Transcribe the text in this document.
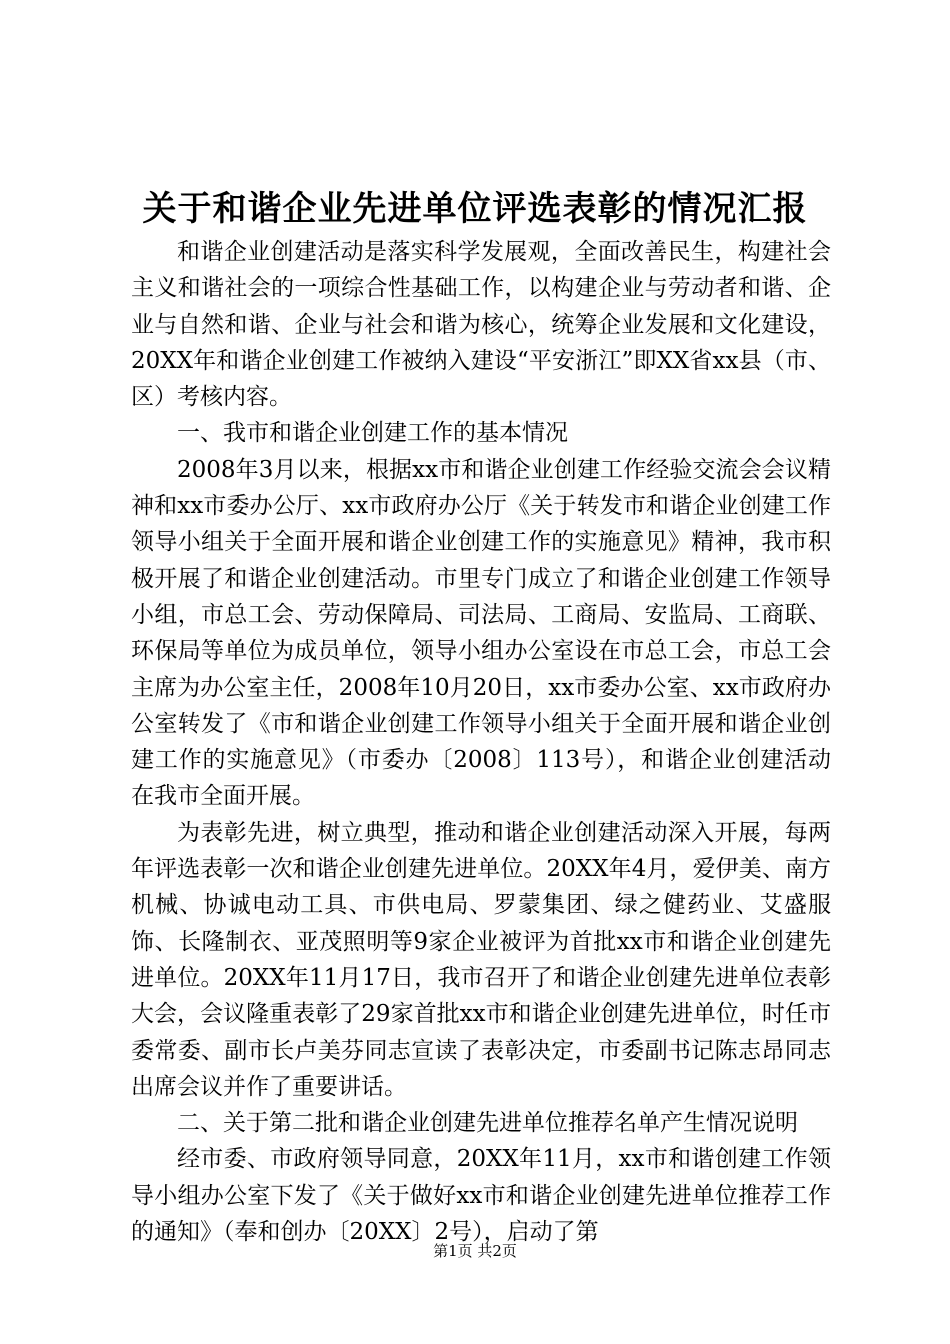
关于和谐企业先进单位评选表彰的情况汇报

和谐企业创建活动是落实科学发展观，全面改善民生，构建社会主义和谐社会的一项综合性基础工作，以构建企业与劳动者和谐、企业与自然和谐、企业与社会和谐为核心，统筹企业发展和文化建设，20XX年和谐企业创建工作被纳入建设“平安浙江”即XX省xx县（市、区）考核内容。

一、我市和谐企业创建工作的基本情况

2008年3月以来，根据xx市和谐企业创建工作经验交流会会议精神和xx市委办公厅、xx市政府办公厅《关于转发市和谐企业创建工作领导小组关于全面开展和谐企业创建工作的实施意见》精神，我市积极开展了和谐企业创建活动。市里专门成立了和谐企业创建工作领导小组，市总工会、劳动保障局、司法局、工商局、安监局、工商联、环保局等单位为成员单位，领导小组办公室设在市总工会，市总工会主席为办公室主任，2008年10月20日，xx市委办公室、xx市政府办公室转发了《市和谐企业创建工作领导小组关于全面开展和谐企业创建工作的实施意见》（市委办〔2008〕113号），和谐企业创建活动在我市全面开展。

为表彰先进，树立典型，推动和谐企业创建活动深入开展，每两年评选表彰一次和谐企业创建先进单位。20XX年4月，爱伊美、南方机械、协诚电动工具、市供电局、罗蒙集团、绿之健药业、艾盛服饰、长隆制衣、亚茂照明等9家企业被评为首批xx市和谐企业创建先进单位。20XX年11月17日，我市召开了和谐企业创建先进单位表彰大会，会议隆重表彰了29家首批xx市和谐企业创建先进单位，时任市委常委、副市长卢美芬同志宣读了表彰决定，市委副书记陈志昂同志出席会议并作了重要讲话。

二、关于第二批和谐企业创建先进单位推荐名单产生情况说明

经市委、市政府领导同意，20XX年11月，xx市和谐创建工作领导小组办公室下发了《关于做好xx市和谐企业创建先进单位推荐工作的通知》（奉和创办〔20XX〕2号），启动了第

第1页 共2页
